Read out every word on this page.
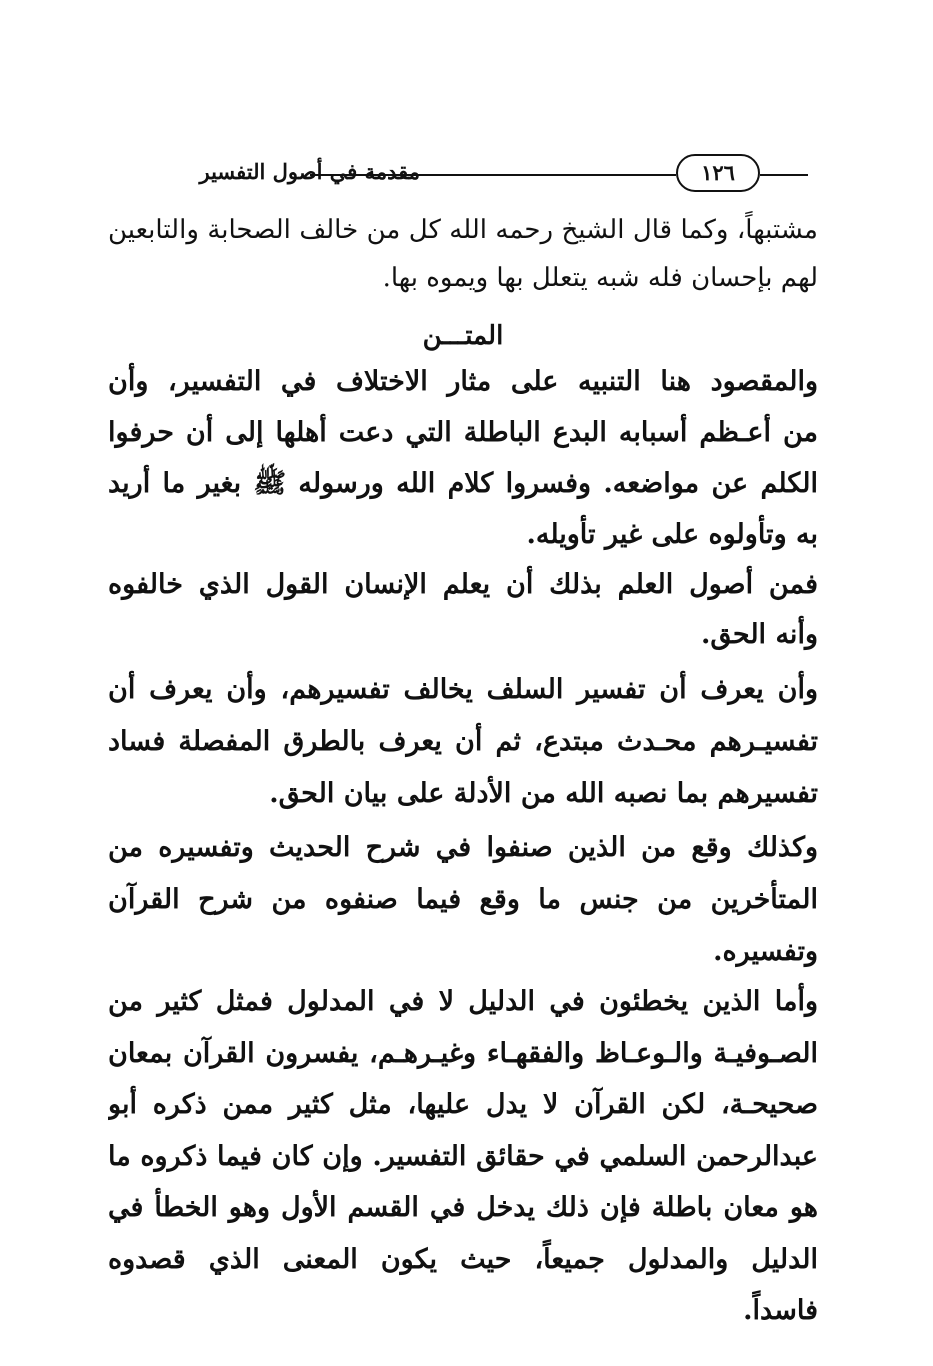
مقدمة في أصول التفسير	١٢٦
مشتبهاً، وكما قال الشيخ رحمه الله كل من خالف الصحابة والتابعين
لهم بإحسان فله شبه يتعلل بها ويموه بها.
المتـــن
والمقصود هنا التنبيه على مثار الاختلاف في التفسير، وأن
من أعـظم أسبابه البدع الباطلة التي دعت أهلها إلى أن حرفوا
الكلم عن مواضعه. وفسروا كلام الله ورسوله ﷺ بغير ما أريد
به وتأولوه على غير تأويله.
فمن أصول العلم بذلك أن يعلم الإنسان القول الذي خالفوه
وأنه الحق.
وأن يعرف أن تفسير السلف يخالف تفسيرهم، وأن يعرف أن
تفسيـرهم محـدث مبتدع، ثم أن يعرف بالطرق المفصلة فساد
تفسيرهم بما نصبه الله من الأدلة على بيان الحق.
وكذلك وقع من الذين صنفوا في شرح الحديث وتفسيره من
المتأخرين من جنس ما وقع فيما صنفوه من شرح القرآن
وتفسيره.
وأما الذين يخطئون في الدليل لا في المدلول فمثل كثير من
الصـوفيـة والـوعـاظ والفقهـاء وغيـرهـم، يفسرون القرآن بمعان
صحيحـة، لكن القرآن لا يدل عليها، مثل كثير ممن ذكره أبو
عبدالرحمن السلمي في حقائق التفسير. وإن كان فيما ذكروه ما
هو معان باطلة فإن ذلك يدخل في القسم الأول وهو الخطأ في
الدليل والمدلول جميعاً، حيث يكون المعنى الذي قصدوه
فاسداً.
